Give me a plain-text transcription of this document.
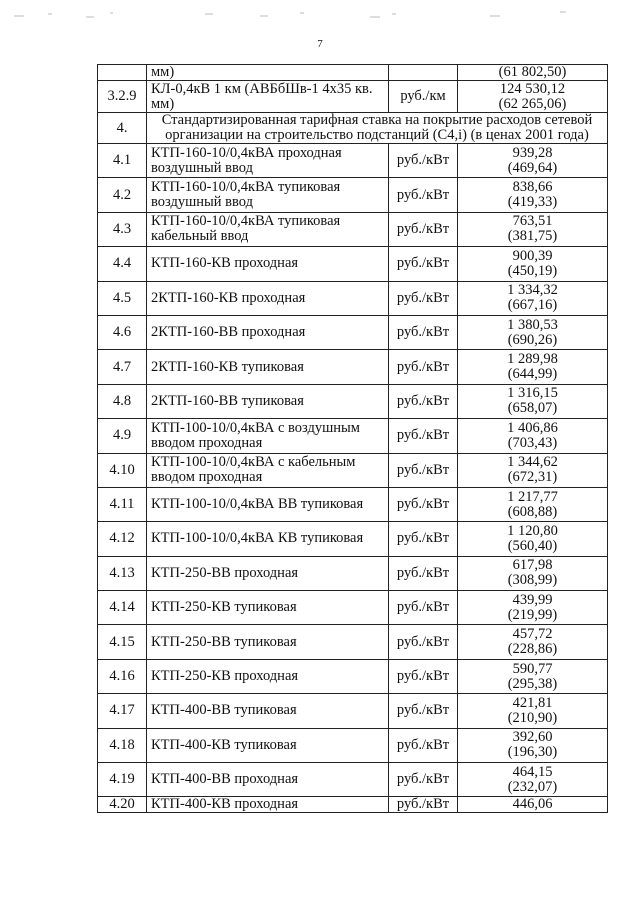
7
	мм)		(61 802,50)

3.2.9	КЛ-0,4кВ 1 км (АВБбШв-1 4х35 кв. мм)	руб./км	124 530,12
(62 265,06)

4.	Стандартизированная тарифная ставка на покрытие расходов сетевой организации на строительство подстанций (С4,i) (в ценах 2001 года)		
4.1	КТП-160-10/0,4кВА проходная воздушный ввод	руб./кВт	939,28
(469,64)

4.2	КТП-160-10/0,4кВА тупиковая воздушный ввод	руб./кВт	838,66
(419,33)

4.3	КТП-160-10/0,4кВА тупиковая кабельный ввод	руб./кВт	763,51
(381,75)

4.4	КТП-160-КВ проходная	руб./кВт	900,39
(450,19)

4.5	2КТП-160-КВ проходная	руб./кВт	1 334,32
(667,16)

4.6	2КТП-160-ВВ проходная	руб./кВт	1 380,53
(690,26)

4.7	2КТП-160-КВ тупиковая	руб./кВт	1 289,98
(644,99)

4.8	2КТП-160-ВВ тупиковая	руб./кВт	1 316,15
(658,07)

4.9	КТП-100-10/0,4кВА с воздушным вводом проходная	руб./кВт	1 406,86
(703,43)

4.10	КТП-100-10/0,4кВА с кабельным вводом проходная	руб./кВт	1 344,62
(672,31)

4.11	КТП-100-10/0,4кВА ВВ тупиковая	руб./кВт	1 217,77
(608,88)

4.12	КТП-100-10/0,4кВА КВ тупиковая	руб./кВт	1 120,80
(560,40)

4.13	КТП-250-ВВ проходная	руб./кВт	617,98
(308,99)

4.14	КТП-250-КВ тупиковая	руб./кВт	439,99
(219,99)

4.15	КТП-250-ВВ тупиковая	руб./кВт	457,72
(228,86)

4.16	КТП-250-КВ проходная	руб./кВт	590,77
(295,38)

4.17	КТП-400-ВВ тупиковая	руб./кВт	421,81
(210,90)

4.18	КТП-400-КВ тупиковая	руб./кВт	392,60
(196,30)

4.19	КТП-400-ВВ проходная	руб./кВт	464,15
(232,07)

4.20	КТП-400-КВ проходная	руб./кВт	446,06
